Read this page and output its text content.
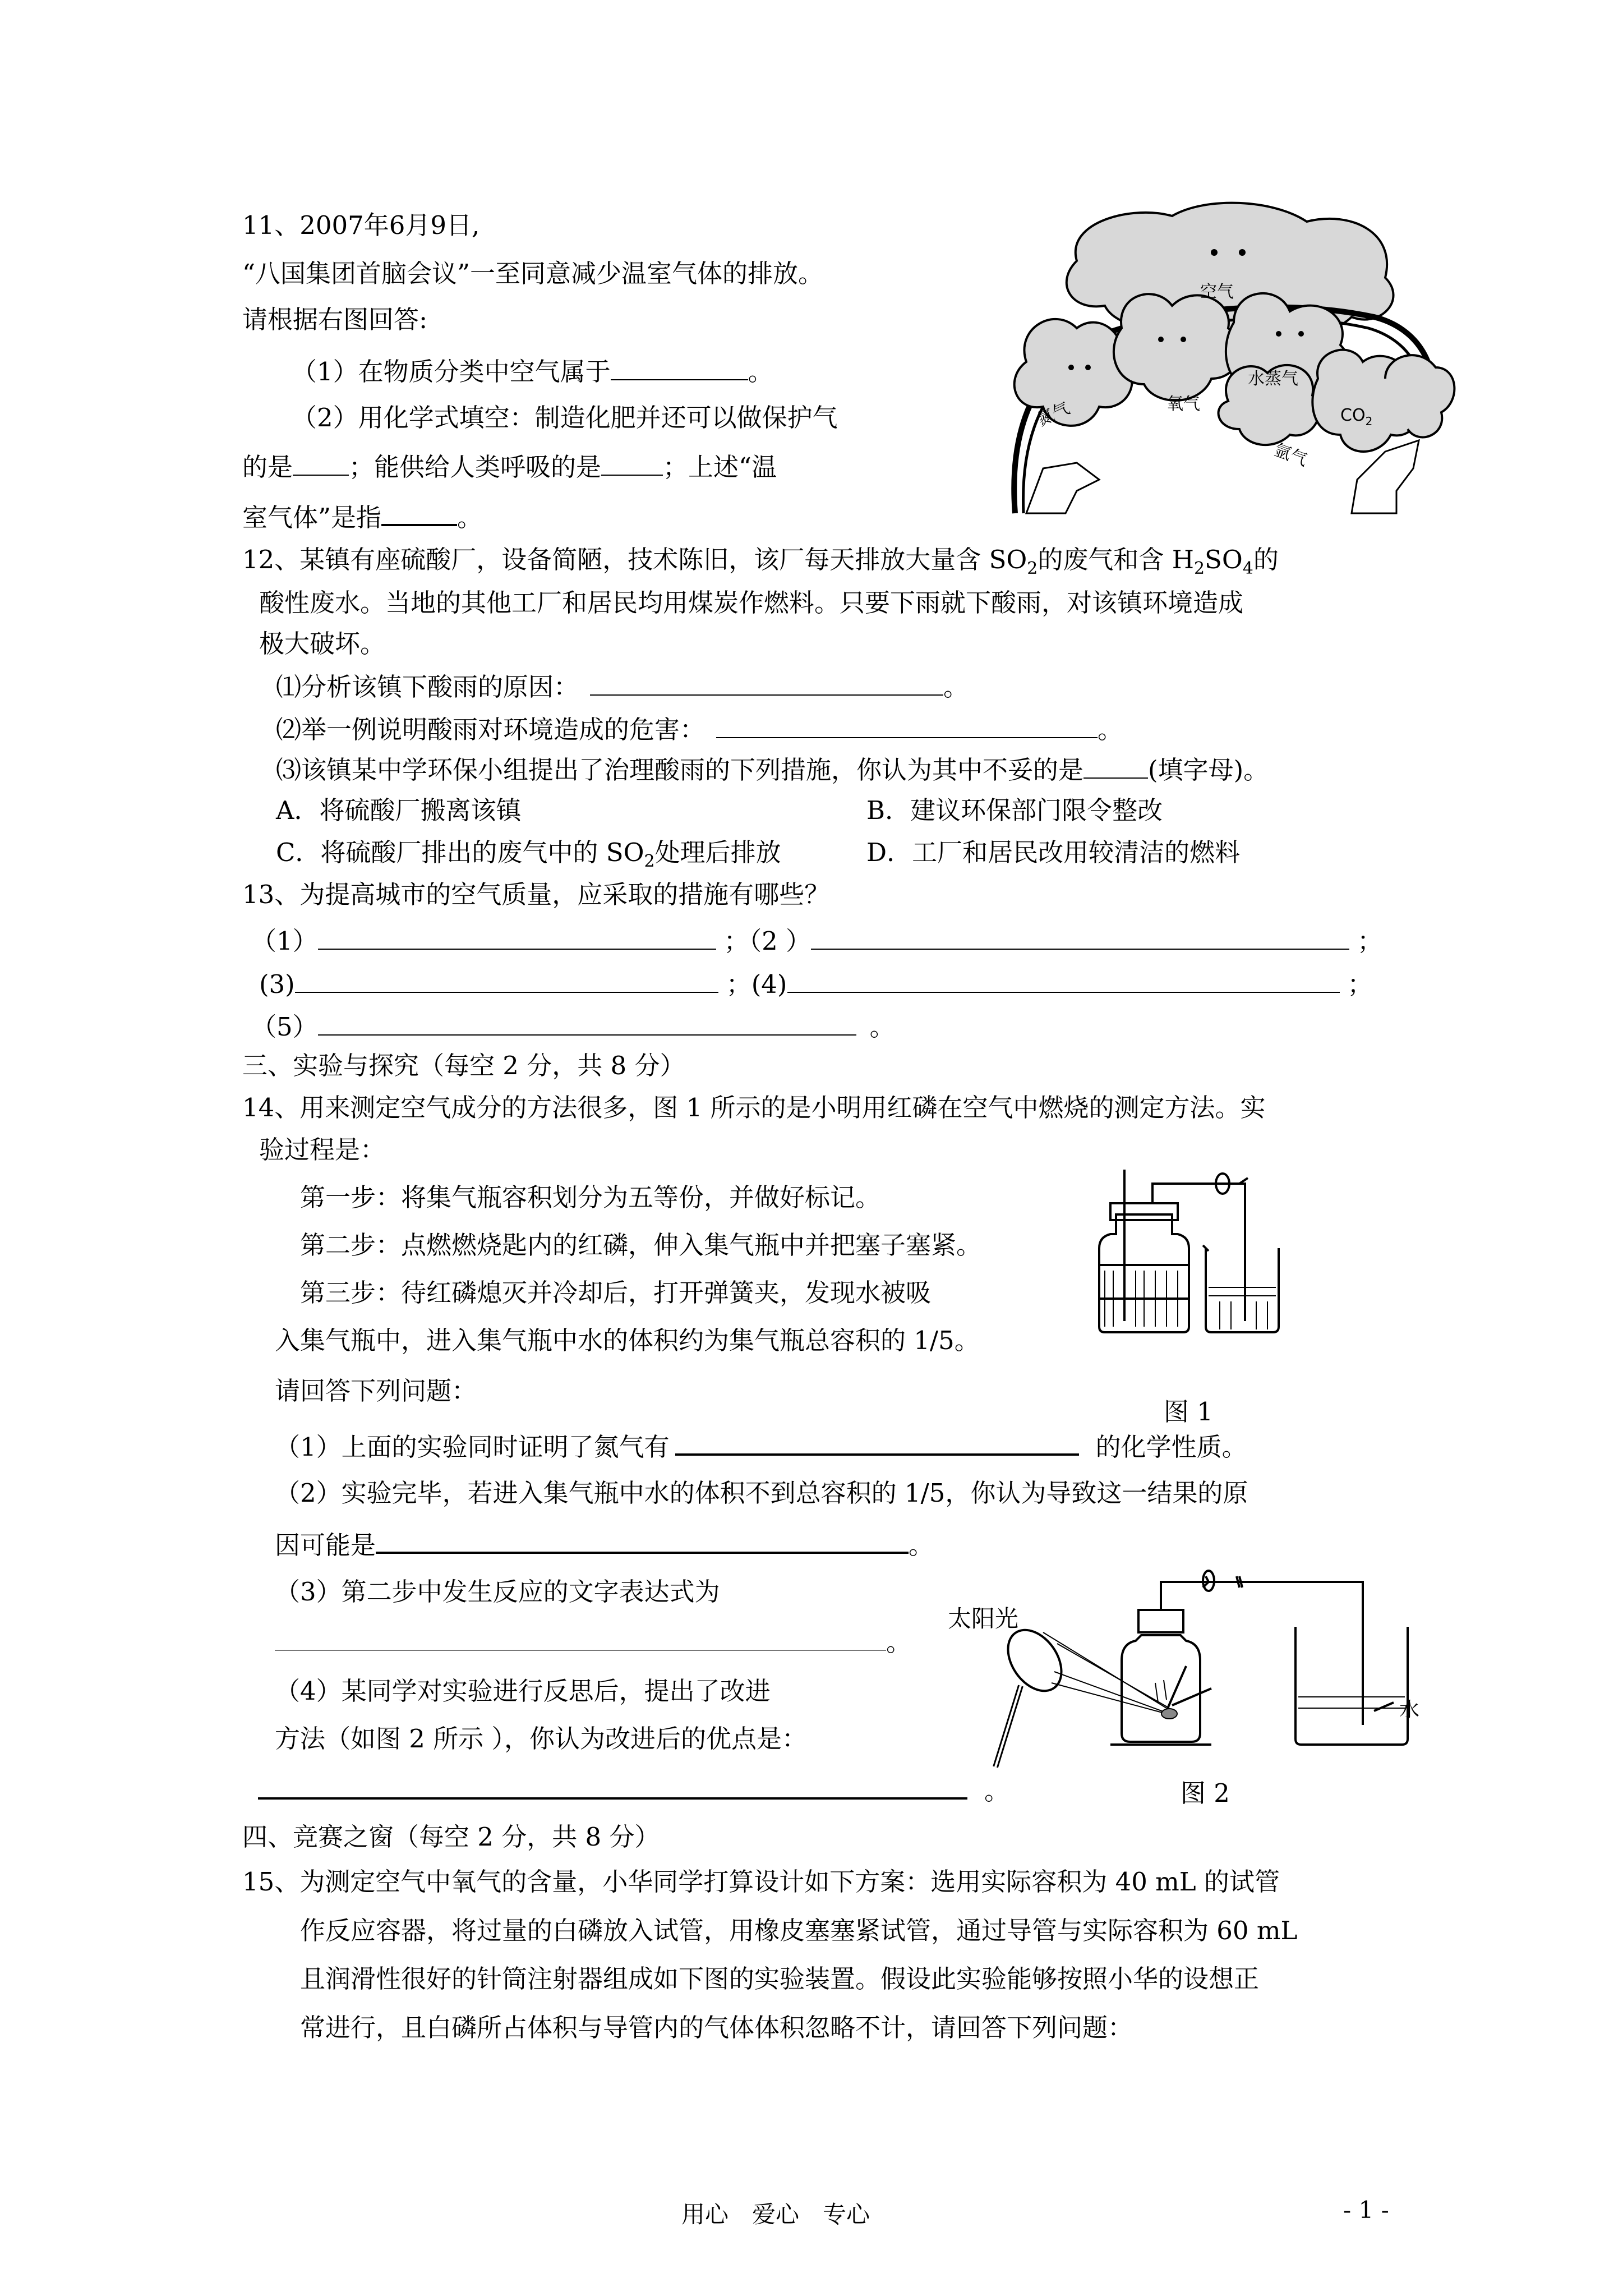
11、2007年6月9日,
“八国集团首脑会议”一至同意减少温室气体的排放。
请根据右图回答:
（1）在物质分类中空气属于	。
（2）用化学式填空：制造化肥并还可以做保护气
的是 ；能供给人类呼吸的是 ；上述“温
室气体”是指	。
空气
氮气	氧气
水蒸气
$CO_2$
氩气
12、某镇有座硫酸厂，设备简陋，技术陈旧，该厂每天排放大量含 $SO_2$的废气和含 $H_2SO_4$的
酸性废水。当地的其他工厂和居民均用煤炭作燃料。只要下雨就下酸雨，对该镇环境造成
极大破坏。
⑴分析该镇下酸雨的原因：	。
⑵举一例说明酸雨对环境造成的危害：	。
⑶该镇某中学环保小组提出了治理酸雨的下列措施，你认为其中不妥的是	(填字母)。
A．将硫酸厂搬离该镇	B．建议环保部门限令整改
C．将硫酸厂排出的废气中的 $SO_2$处理后排放	D．工厂和居民改用较清洁的燃料
13、为提高城市的空气质量，应采取的措施有哪些？
（1）	；（2 ）	；
(3)	；(4)	；
（5）	。
三、实验与探究（每空 2 分，共 8 分）
14、用来测定空气成分的方法很多，图 1 所示的是小明用红磷在空气中燃烧的测定方法。实
验过程是：
第一步：将集气瓶容积划分为五等份，并做好标记。
第二步：点燃燃烧匙内的红磷，伸入集气瓶中并把塞子塞紧。
第三步：待红磷熄灭并冷却后，打开弹簧夹，发现水被吸
入集气瓶中，进入集气瓶中水的体积约为集气瓶总容积的 1/5。
请回答下列问题：
图 1
（1）上面的实验同时证明了氮气有	的化学性质。
（2）实验完毕，若进入集气瓶中水的体积不到总容积的 1/5，你认为导致这一结果的原
因可能是	。
（3）第二步中发生反应的文字表达式为
。
（4）某同学对实验进行反思后，提出了改进
方法（如图 2 所示 ），你认为改进后的优点是：
。
太阳光
水
图 2
四、竞赛之窗（每空 2 分，共 8 分）
15、为测定空气中氧气的含量，小华同学打算设计如下方案：选用实际容积为 40 mL 的试管
作反应容器，将过量的白磷放入试管，用橡皮塞塞紧试管，通过导管与实际容积为 60 mL
且润滑性很好的针筒注射器组成如下图的实验装置。假设此实验能够按照小华的设想正
常进行，且白磷所占体积与导管内的气体体积忽略不计，请回答下列问题：
用心　爱心　专心	- 1 -
